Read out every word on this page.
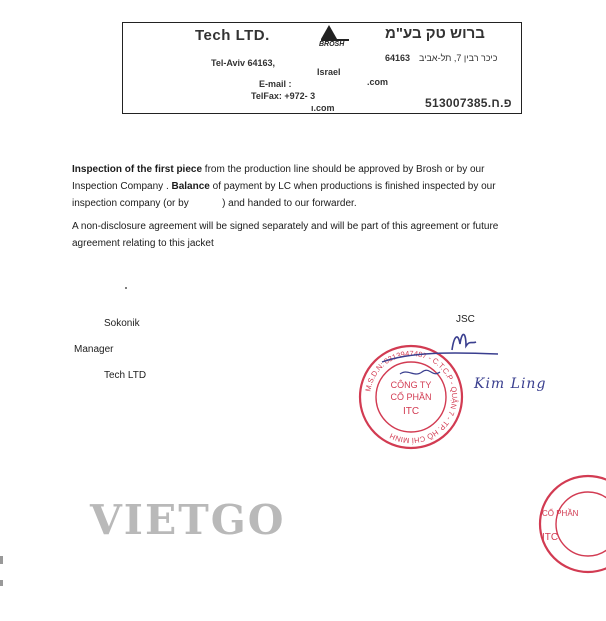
Tech LTD.
BROSH
ברוש טק בע"מ
64163 כיכר רבין 7, תל-אביב
Tel-Aviv 64163,
Israel
E-mail :	.com
TelFax: +972- 3
ı.com	513007385.פ.ח
Inspection of the first piece from the production line should be approved by Brosh or by our
Inspection Company . Balance of payment by LC when productions is finished inspected by our
inspection company (or by            ) and handed to our forwarder.
A non-disclosure agreement will be signed separately and will be part of this agreement or future
agreement relating to this jacket
Sokonik
Manager
Tech LTD
JSC
M.S.D.N: 0313947487 - C.T.C.P - QUẬN 7 - TP. HỒ CHÍ MINH
CÔNG TY
CỔ PHẦN
ITC
Kim Ling
CỔ PHẦN
ITC
VIETGO
